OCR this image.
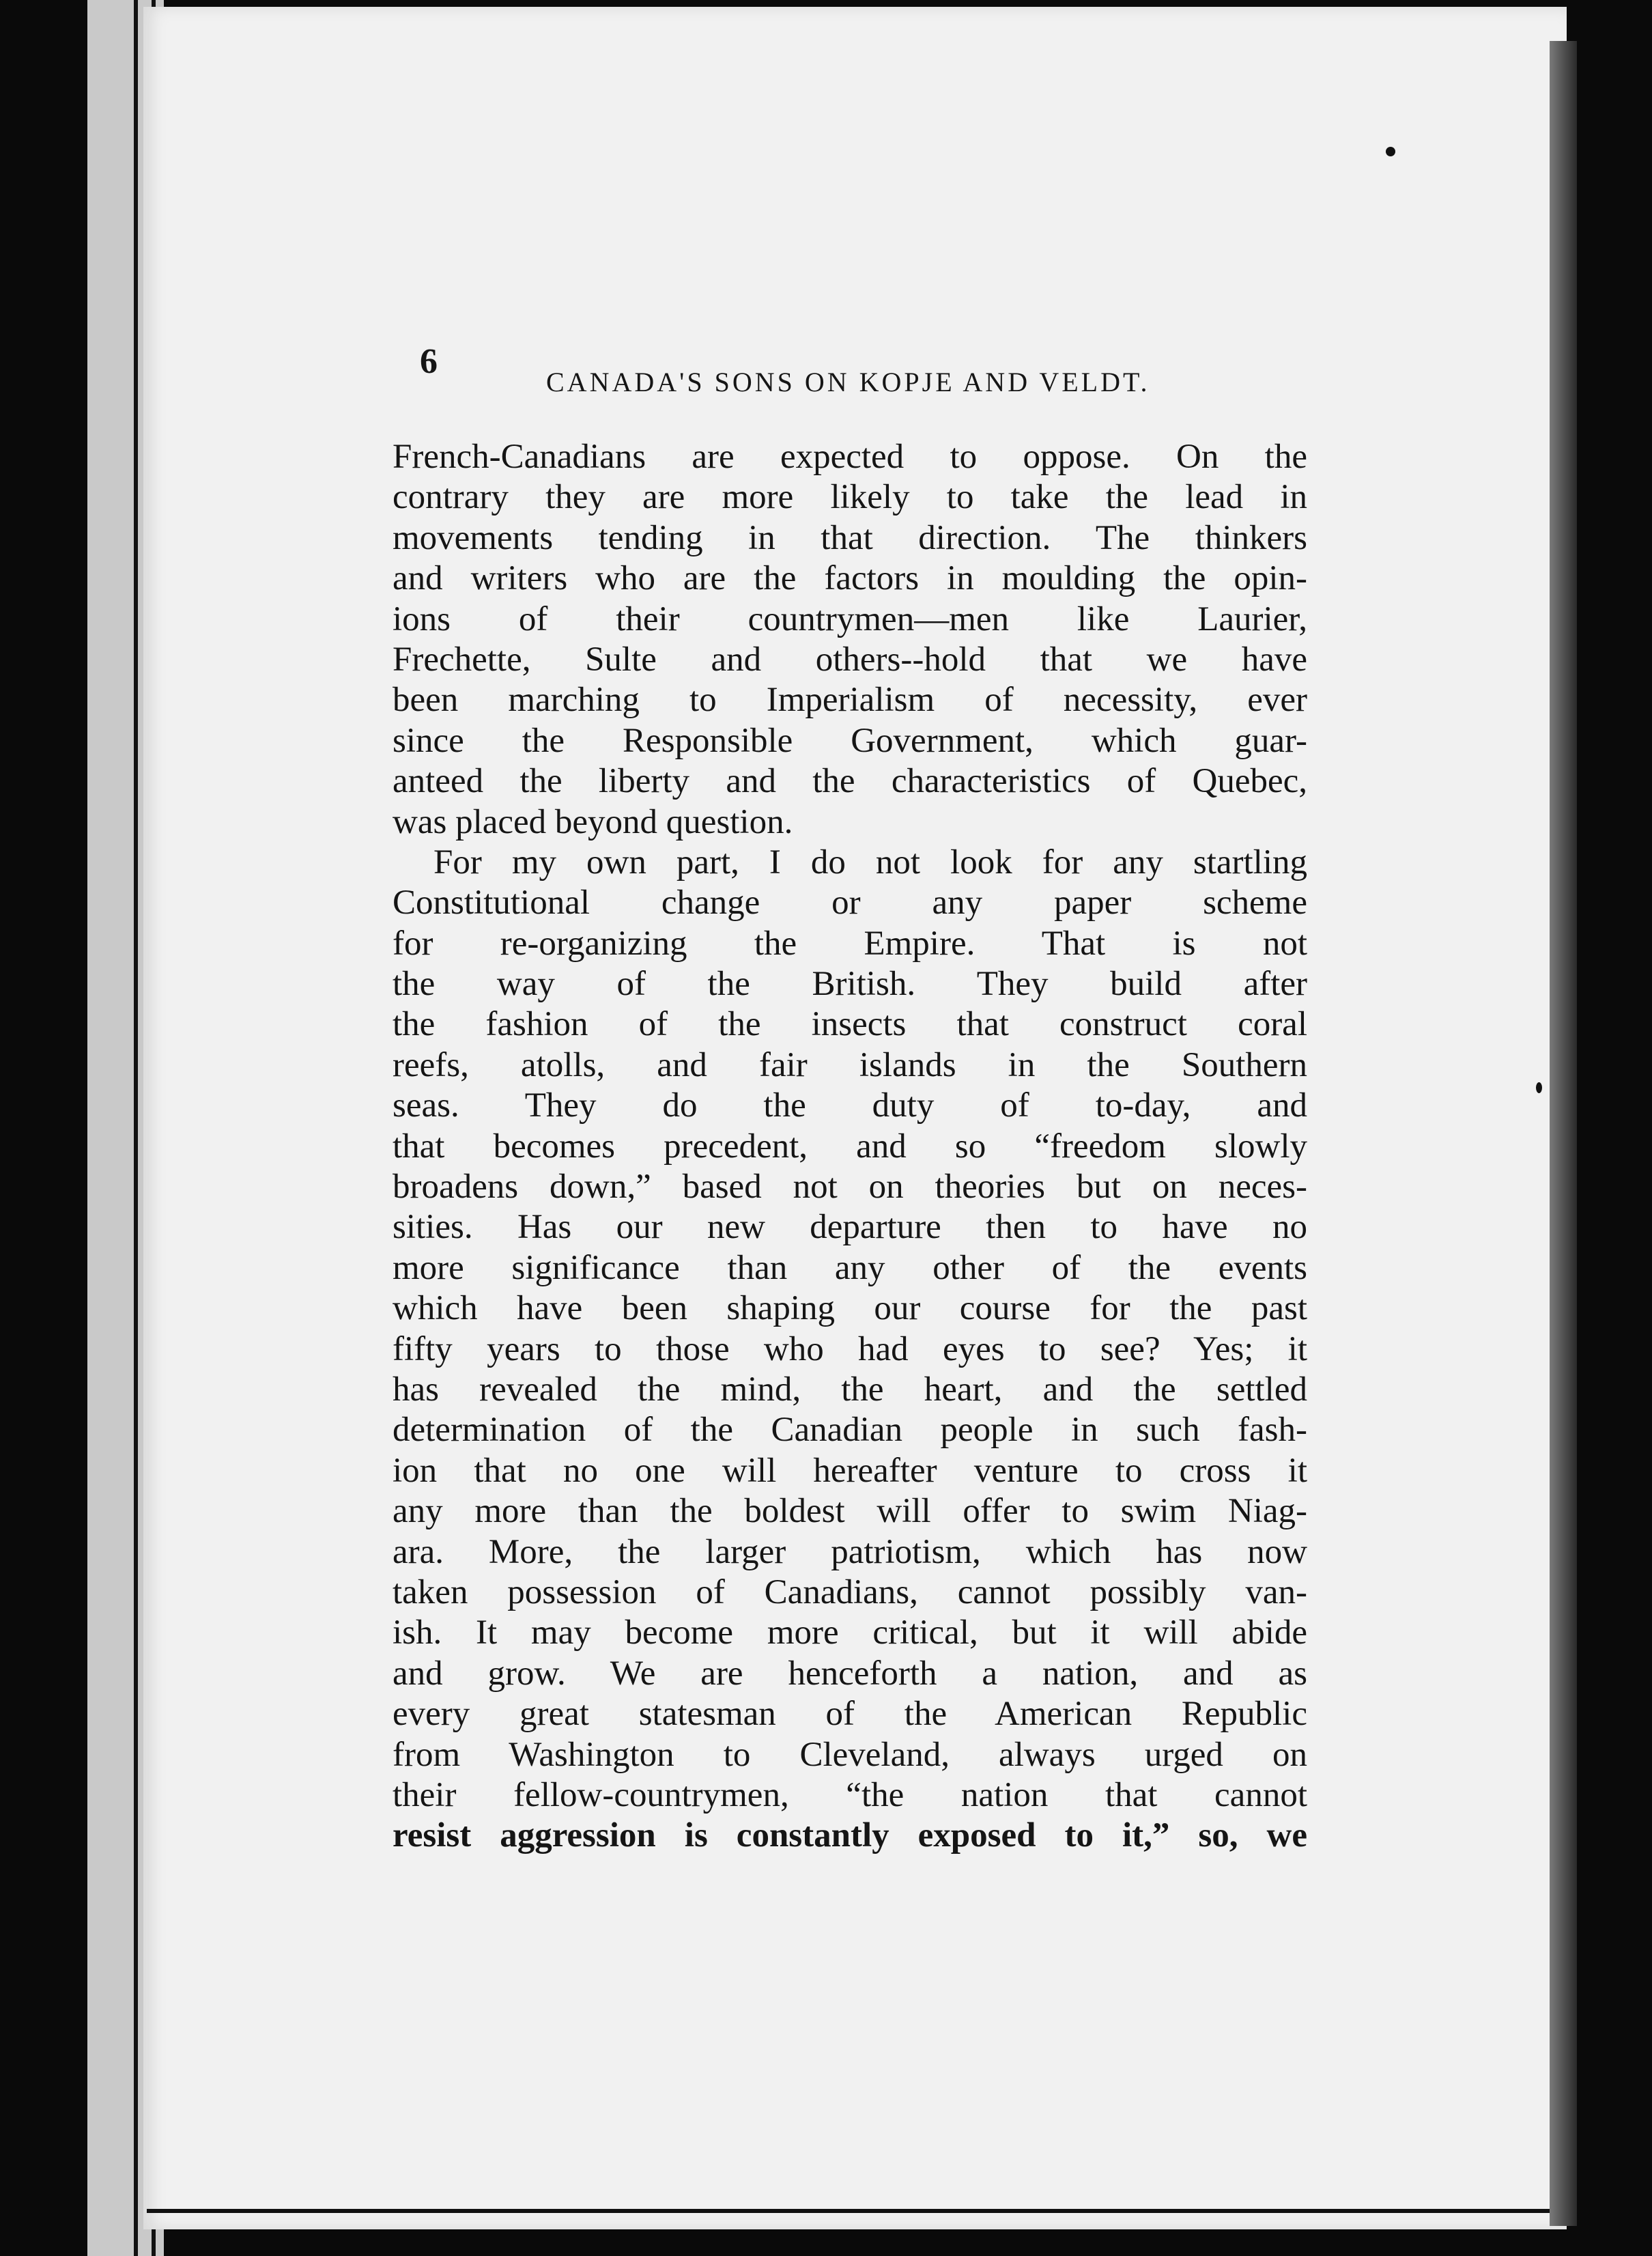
6
CANADA'S SONS ON KOPJE AND VELDT.
French-Canadians are expected to oppose. On the
contrary they are more likely to take the lead in
movements tending in that direction. The thinkers
and writers who are the factors in moulding the opin-
ions of their countrymen—men like Laurier,
Frechette, Sulte and others--hold that we have
been marching to Imperialism of necessity, ever
since the Responsible Government, which guar-
anteed the liberty and the characteristics of Quebec,
was placed beyond question.
For my own part, I do not look for any startling
Constitutional change or any paper scheme
for re-organizing the Empire. That is not
the way of the British. They build after
the fashion of the insects that construct coral
reefs, atolls, and fair islands in the Southern
seas. They do the duty of to-day, and
that becomes precedent, and so “freedom slowly
broadens down,” based not on theories but on neces-
sities. Has our new departure then to have no
more significance than any other of the events
which have been shaping our course for the past
fifty years to those who had eyes to see? Yes; it
has revealed the mind, the heart, and the settled
determination of the Canadian people in such fash-
ion that no one will hereafter venture to cross it
any more than the boldest will offer to swim Niag-
ara. More, the larger patriotism, which has now
taken possession of Canadians, cannot possibly van-
ish. It may become more critical, but it will abide
and grow. We are henceforth a nation, and as
every great statesman of the American Republic
from Washington to Cleveland, always urged on
their fellow-countrymen, “the nation that cannot
resist aggression is constantly exposed to it,” so, we
